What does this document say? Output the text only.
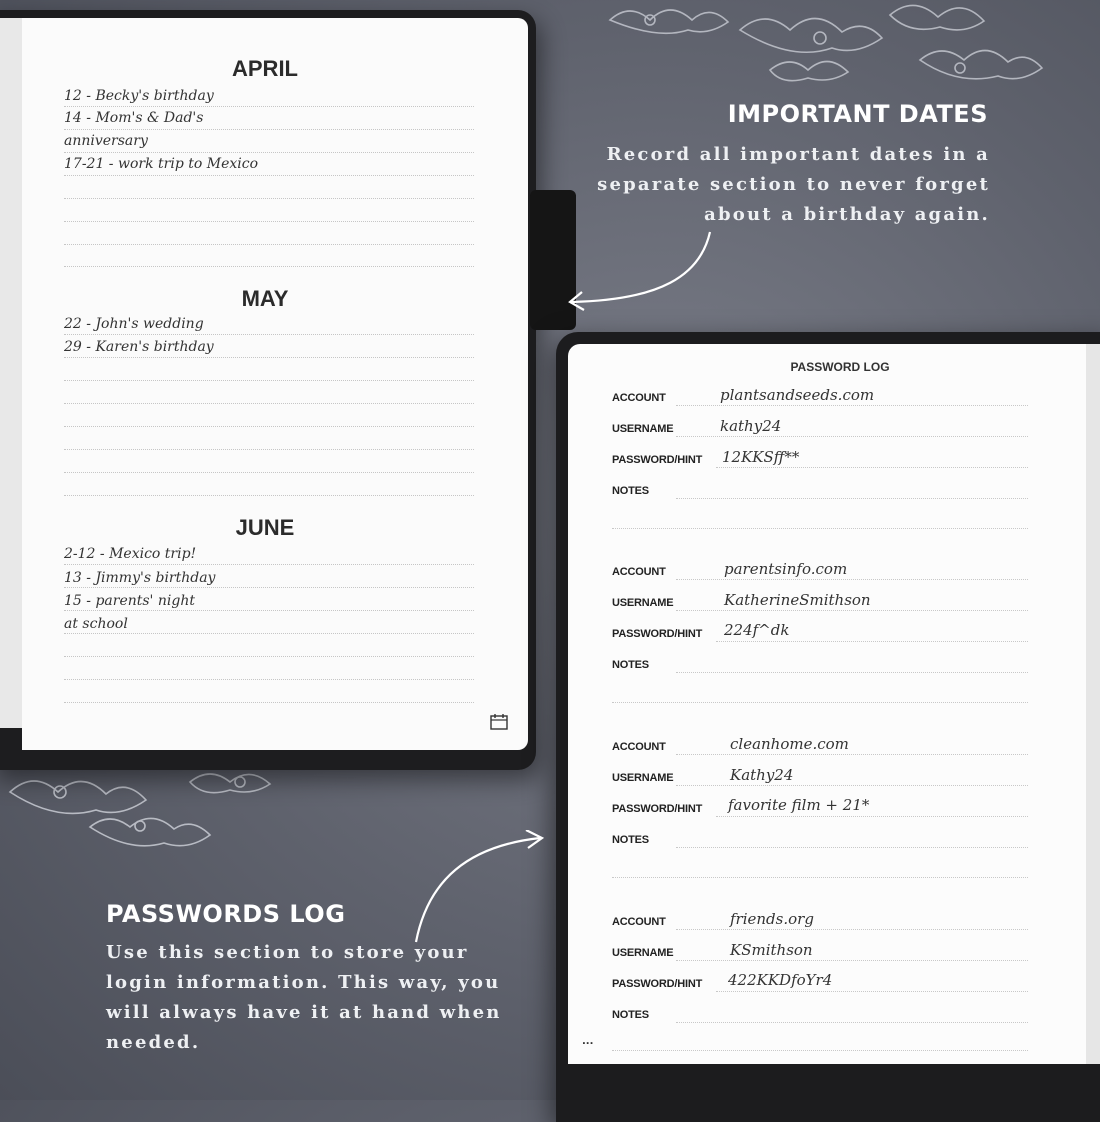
APRIL
12 - Becky's birthday
14 - Mom's & Dad's
anniversary
17-21 - work trip to Mexico
MAY
22 - John's wedding
29 - Karen's birthday
JUNE
2-12 - Mexico trip!
13 - Jimmy's birthday
15 - parents' night
at school
IMPORTANT DATES
Record all important dates in a
separate section to never forget
about a birthday again.
PASSWORD LOG
ACCOUNT	plantsandseeds.com
USERNAME	kathy24
PASSWORD/HINT 12KKSff**
NOTES
ACCOUNT	parentsinfo.com
USERNAME	KatherineSmithson
PASSWORD/HINT 224f^dk
NOTES
ACCOUNT	cleanhome.com
USERNAME	Kathy24
PASSWORD/HINT favorite film + 21*
NOTES
ACCOUNT	friends.org
USERNAME	KSmithson
PASSWORD/HINT 422KKDfoYr4
NOTES
...
PASSWORDS LOG
Use this section to store your
login information. This way, you
will always have it at hand when
needed.
